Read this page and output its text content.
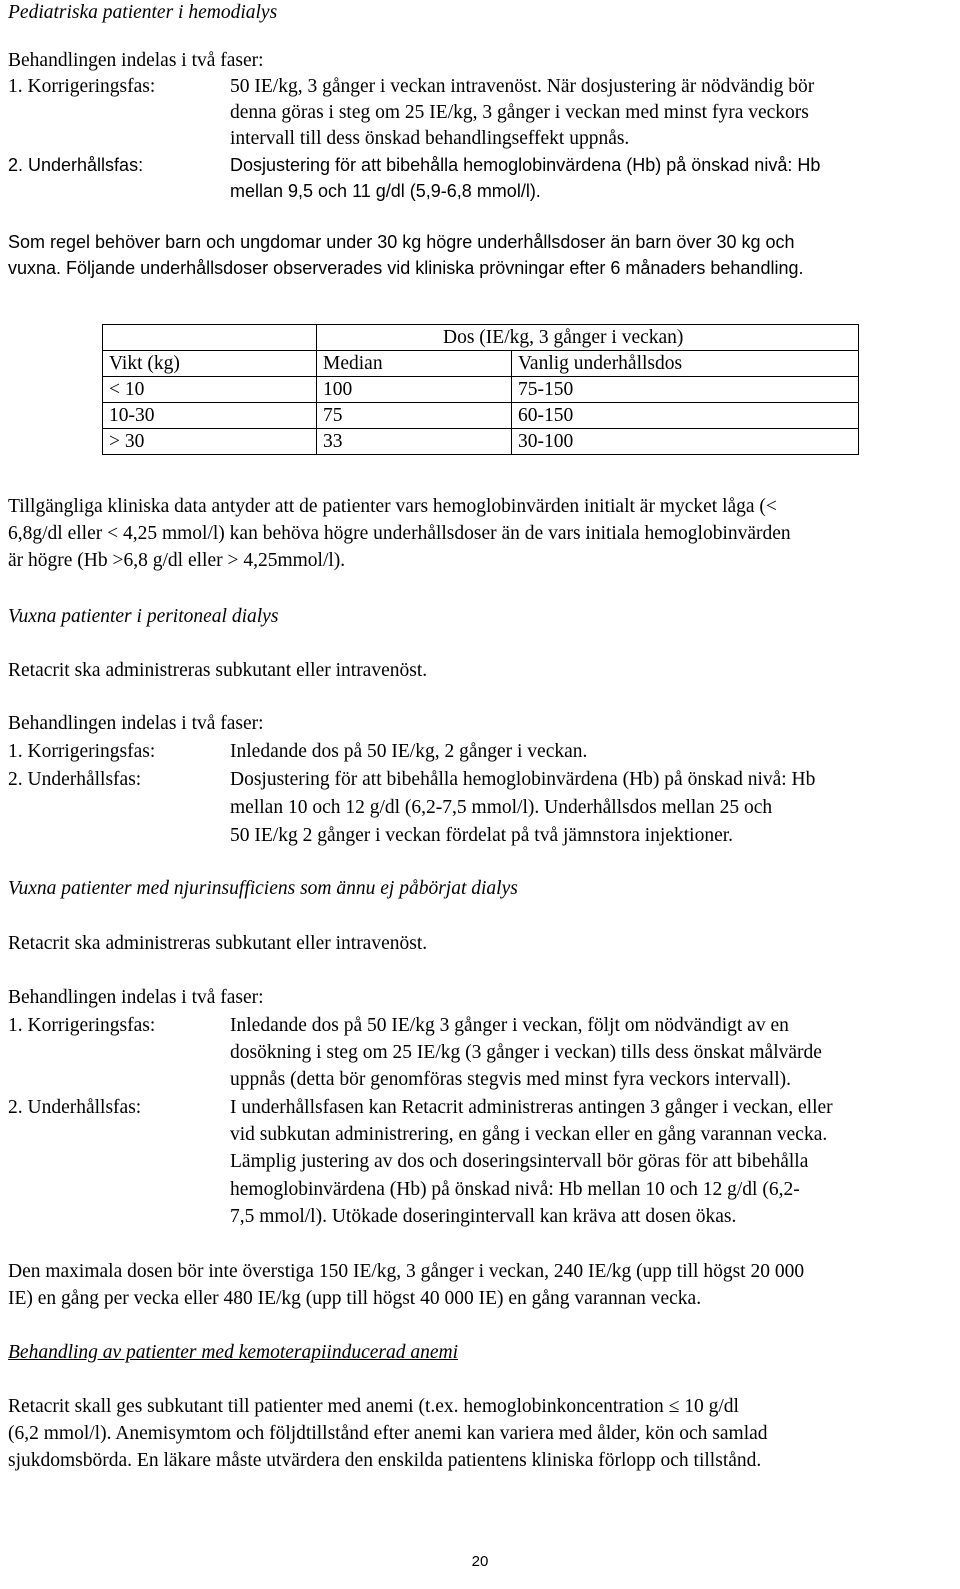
Pediatriska patienter i hemodialys
Behandlingen indelas i två faser:
1. Korrigeringsfas:	50 IE/kg, 3 gånger i veckan intravenöst. När dosjustering är nödvändig bör
denna göras i steg om 25 IE/kg, 3 gånger i veckan med minst fyra veckors
intervall till dess önskad behandlingseffekt uppnås.
2. Underhållsfas:	Dosjustering för att bibehålla hemoglobinvärdena (Hb) på önskad nivå: Hb
mellan 9,5 och 11 g/dl (5,9-6,8 mmol/l).
Som regel behöver barn och ungdomar under 30 kg högre underhållsdoser än barn över 30 kg och
vuxna. Följande underhållsdoser observerades vid kliniska prövningar efter 6 månaders behandling.
	Dos (IE/kg, 3 gånger i veckan)	
Vikt (kg)	Median	Vanlig underhållsdos
< 10	100	75-150
10-30	75	60-150
> 30	33	30-100
Tillgängliga kliniska data antyder att de patienter vars hemoglobinvärden initialt är mycket låga (<
6,8g/dl eller < 4,25 mmol/l) kan behöva högre underhållsdoser än de vars initiala hemoglobinvärden
är högre (Hb >6,8 g/dl eller > 4,25mmol/l).
Vuxna patienter i peritoneal dialys
Retacrit ska administreras subkutant eller intravenöst.
Behandlingen indelas i två faser:
1. Korrigeringsfas:	Inledande dos på 50 IE/kg, 2 gånger i veckan.
2. Underhållsfas:	Dosjustering för att bibehålla hemoglobinvärdena (Hb) på önskad nivå: Hb
mellan 10 och 12 g/dl (6,2-7,5 mmol/l). Underhållsdos mellan 25 och
50 IE/kg 2 gånger i veckan fördelat på två jämnstora injektioner.
Vuxna patienter med njurinsufficiens som ännu ej påbörjat dialys
Retacrit ska administreras subkutant eller intravenöst.
Behandlingen indelas i två faser:
1. Korrigeringsfas:	Inledande dos på 50 IE/kg 3 gånger i veckan, följt om nödvändigt av en
dosökning i steg om 25 IE/kg (3 gånger i veckan) tills dess önskat målvärde
uppnås (detta bör genomföras stegvis med minst fyra veckors intervall).
2. Underhållsfas:	I underhållsfasen kan Retacrit administreras antingen 3 gånger i veckan, eller
vid subkutan administrering, en gång i veckan eller en gång varannan vecka.
Lämplig justering av dos och doseringsintervall bör göras för att bibehålla
hemoglobinvärdena (Hb) på önskad nivå: Hb mellan 10 och 12 g/dl (6,2-
7,5 mmol/l). Utökade doseringintervall kan kräva att dosen ökas.
Den maximala dosen bör inte överstiga 150 IE/kg, 3 gånger i veckan, 240 IE/kg (upp till högst 20 000
IE) en gång per vecka eller 480 IE/kg (upp till högst 40 000 IE) en gång varannan vecka.
Behandling av patienter med kemoterapiinducerad anemi
Retacrit skall ges subkutant till patienter med anemi (t.ex. hemoglobinkoncentration ≤ 10 g/dl
(6,2 mmol/l). Anemisymtom och följdtillstånd efter anemi kan variera med ålder, kön och samlad
sjukdomsbörda. En läkare måste utvärdera den enskilda patientens kliniska förlopp och tillstånd.
20
